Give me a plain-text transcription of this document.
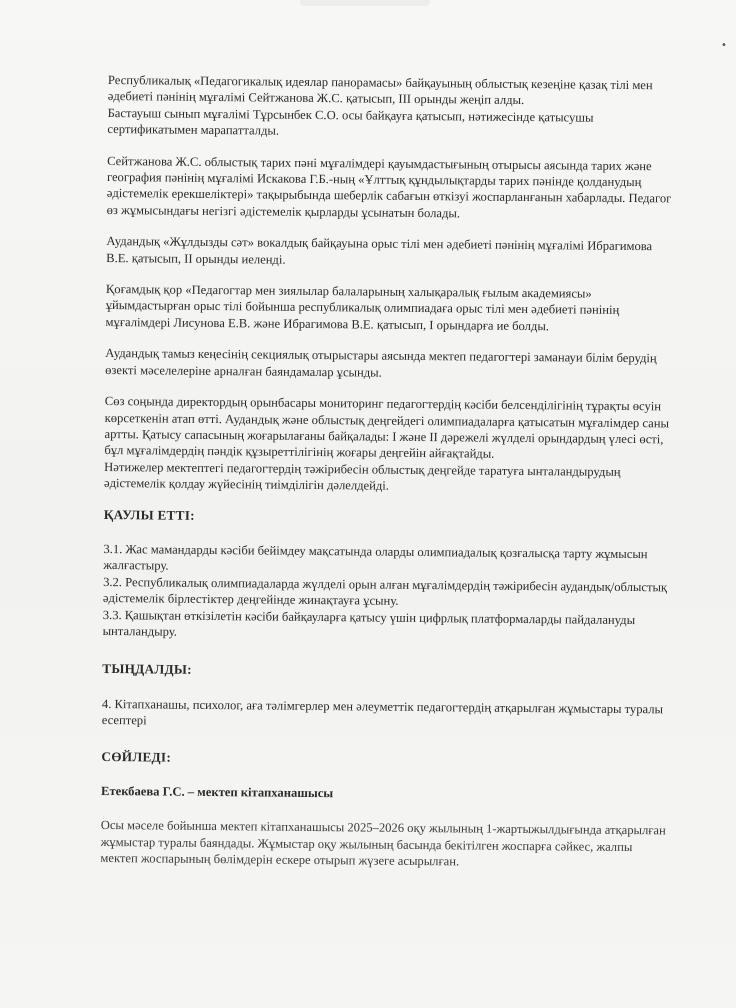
•

Республикалық «Педагогикалық идеялар панорамасы» байқауының облыстық кезеңіне қазақ тілі мен әдебиеті пәнінің мұғалімі Сейтжанова Ж.С. қатысып, III орынды жеңіп алды.

Бастауыш сынып мұғалімі Тұрсынбек С.О. осы байқауға қатысып, нәтижесінде қатысушы сертификатымен марапатталды.

Сейтжанова Ж.С. облыстық тарих пәні мұғалімдері қауымдастығының отырысы аясында тарих және география пәнінің мұғалімі Искакова Г.Б.-ның «Ұлттық құндылықтарды тарих пәнінде қолданудың әдістемелік ерекшеліктері» тақырыбында шеберлік сабағын өткізуі жоспарланғанын хабарлады. Педагог өз жұмысындағы негізгі әдістемелік қырларды ұсынатын болады.

Аудандық «Жұлдызды сәт» вокалдық байқауына орыс тілі мен әдебиеті пәнінің мұғалімі Ибрагимова В.Е. қатысып, II орынды иеленді.

Қоғамдық қор «Педагогтар мен зиялылар балаларының халықаралық ғылым академиясы» ұйымдастырған орыс тілі бойынша республикалық олимпиадаға орыс тілі мен әдебиеті пәнінің мұғалімдері Лисунова Е.В. және Ибрагимова В.Е. қатысып, I орындарға ие болды.

Аудандық тамыз кеңесінің секциялық отырыстары аясында мектеп педагогтері заманауи білім берудің өзекті мәселелеріне арналған баяндамалар ұсынды.

Сөз соңында директордың орынбасары мониторинг педагогтердің кәсіби белсенділігінің тұрақты өсуін көрсеткенін атап өтті. Аудандық және облыстық деңгейдегі олимпиадаларға қатысатын мұғалімдер саны артты. Қатысу сапасының жоғарылағаны байқалады: I және II дәрежелі жүлделі орындардың үлесі өсті, бұл мұғалімдердің пәндік құзыреттілігінің жоғары деңгейін айғақтайды.

Нәтижелер мектептегі педагогтердің тәжірибесін облыстық деңгейде таратуға ынталандырудың әдістемелік қолдау жүйесінің тиімділігін дәлелдейді.

ҚАУЛЫ ЕТТІ:

3.1. Жас мамандарды кәсіби бейімдеу мақсатында оларды олимпиадалық қозғалысқа тарту жұмысын жалғастыру.

3.2. Республикалық олимпиадаларда жүлделі орын алған мұғалімдердің тәжірибесін аудандық/облыстық әдістемелік бірлестіктер деңгейінде жинақтауға ұсыну.

3.3. Қашықтан өткізілетін кәсіби байқауларға қатысу үшін цифрлық платформаларды пайдалануды ынталандыру.

ТЫҢДАЛДЫ:

4. Кітапханашы, психолог, аға тәлімгерлер мен әлеуметтік педагогтердің атқарылған жұмыстары туралы есептері

СӨЙЛЕДІ:
Етекбаева Г.С. – мектеп кітапханашысы

Осы мәселе бойынша мектеп кітапханашысы 2025–2026 оқу жылының 1-жартыжылдығында атқарылған жұмыстар туралы баяндады. Жұмыстар оқу жылының басында бекітілген жоспарға сәйкес, жалпы мектеп жоспарының бөлімдерін ескере отырып жүзеге асырылған.
